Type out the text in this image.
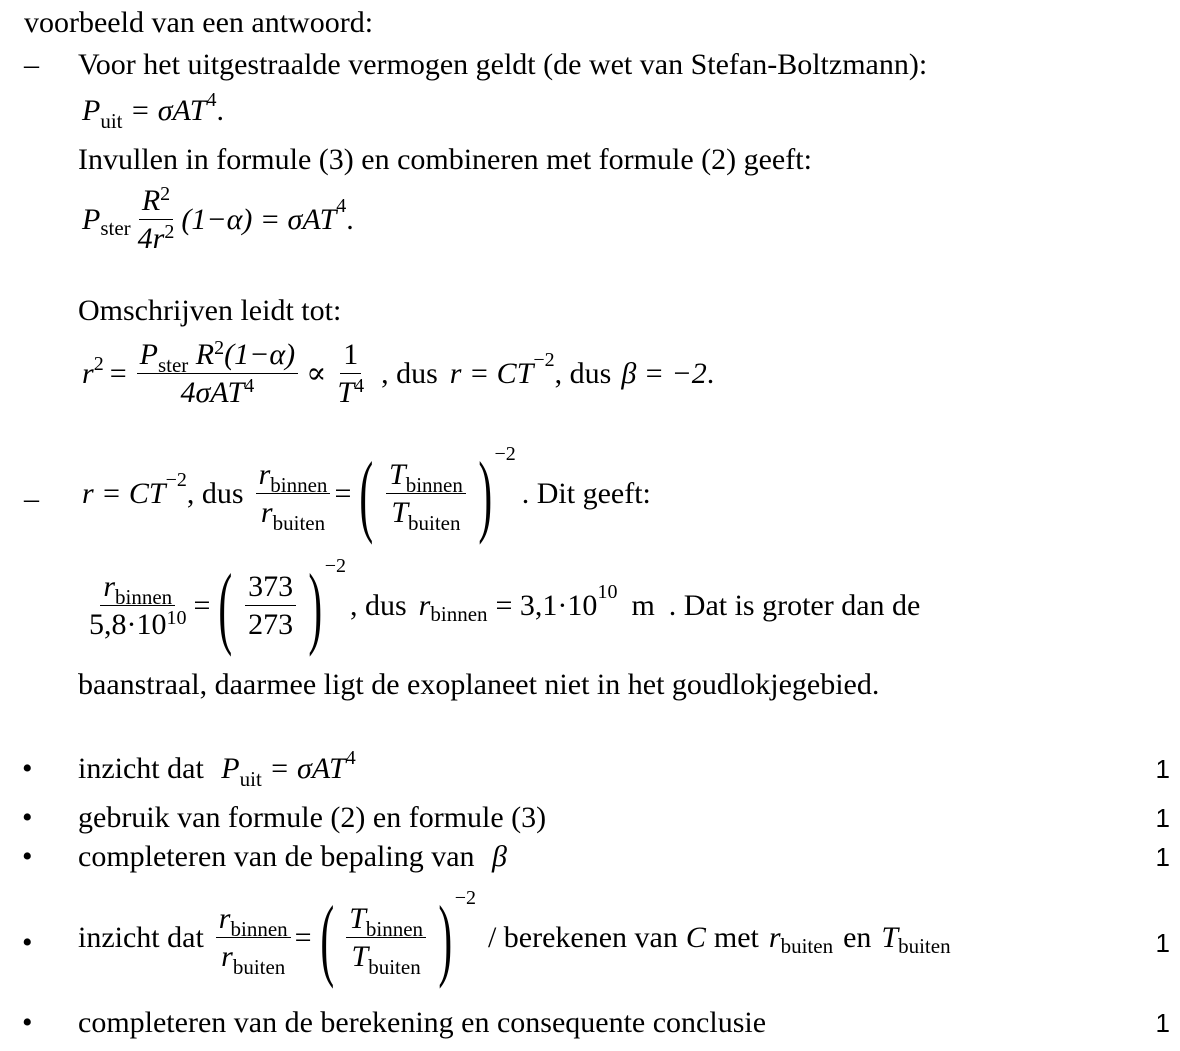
voorbeeld van een antwoord:
– Voor het uitgestraalde vermogen geldt (de wet van Stefan-Boltzmann):
$P_{uit} = \sigma AT^4$.
Invullen in formule (3) en combineren met formule (2) geeft:
P ster $\frac{R^2}{4r^2} (1-\alpha) = \sigma AT$ 4 .
Omschrijven leidt tot:
r $2 = \frac{P_{ster} R^2(1-\alpha)}{4\sigma AT^4} \propto \frac{1}{T^4}$ , dus r = CT −2 , dus β = −2 .
– r = CT −2 , dus $\frac{r_{binnen}}{r_{buiten}}$ = ( $\frac{T_{binnen}}{T_{buiten}}$ ) −2
. Dit geeft:
$\frac{r_{binnen}}{5,8\cdot 10^{10}}$ = ( $\frac{373}{273}$ ) −2
, dus r binnen = 3,1·10 10 m . Dat is groter dan de
baanstraal, daarmee ligt de exoplaneet niet in het goudlokjegebied.
• inzicht dat $P_{uit} = \sigma AT^4$	1
• gebruik van formule (2) en formule (3)	1
• completeren van de bepaling van β	1
• inzicht dat $\frac{r_{binnen}}{r_{buiten}}$ = ( $\frac{T_{binnen}}{T_{buiten}}$ ) −2
/ berekenen van C met r buiten en T buiten	1
• completeren van de berekening en consequente conclusie	1
